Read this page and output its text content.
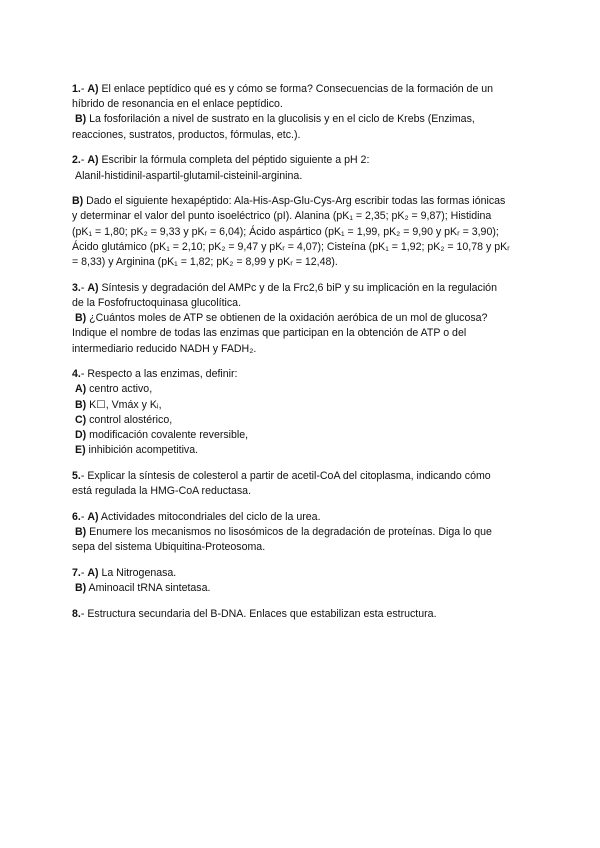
1.- A) El enlace peptídico qué es y cómo se forma? Consecuencias de la formación de un
híbrido de resonancia en el enlace peptídico.
B) La fosforilación a nivel de sustrato en la glucolisis y en el ciclo de Krebs (Enzimas,
reacciones, sustratos, productos, fórmulas, etc.).
2.- A) Escribir la fórmula completa del péptido siguiente a pH 2:
Alanil-histidinil-aspartil-glutamil-cisteinil-arginina.
B) Dado el siguiente hexapéptido: Ala-His-Asp-Glu-Cys-Arg escribir todas las formas iónicas
y determinar el valor del punto isoeléctrico (pI). Alanina (pK₁ = 2,35; pK₂ = 9,87); Histidina
(pK₁ = 1,80; pK₂ = 9,33 y pKᵣ = 6,04); Ácido aspártico (pK₁ = 1,99, pK₂ = 9,90 y pKᵣ = 3,90);
Ácido glutámico (pK₁ = 2,10; pK₂ = 9,47 y pKᵣ = 4,07); Cisteína (pK₁ = 1,92; pK₂ = 10,78 y pKᵣ
= 8,33) y Arginina (pK₁ = 1,82; pK₂ = 8,99 y pKᵣ = 12,48).
3.- A) Síntesis y degradación del AMPc y de la Frc2,6 biP y su implicación en la regulación
de la Fosfofructoquinasa glucolítica.
B) ¿Cuántos moles de ATP se obtienen de la oxidación aeróbica de un mol de glucosa?
Indique el nombre de todas las enzimas que participan en la obtención de ATP o del
intermediario reducido NADH y FADH₂.
4.- Respecto a las enzimas, definir:
A) centro activo,
B) K☐, Vmáx y Kᵢ,
C) control alostérico,
D) modificación covalente reversible,
E) inhibición acompetitiva.
5.- Explicar la síntesis de colesterol a partir de acetil-CoA del citoplasma, indicando cómo
está regulada la HMG-CoA reductasa.
6.- A) Actividades mitocondriales del ciclo de la urea.
B) Enumere los mecanismos no lisosómicos de la degradación de proteínas. Diga lo que
sepa del sistema Ubiquitina-Proteosoma.
7.- A) La Nitrogenasa.
B) Aminoacil tRNA sintetasa.
8.- Estructura secundaria del B-DNA. Enlaces que estabilizan esta estructura.
